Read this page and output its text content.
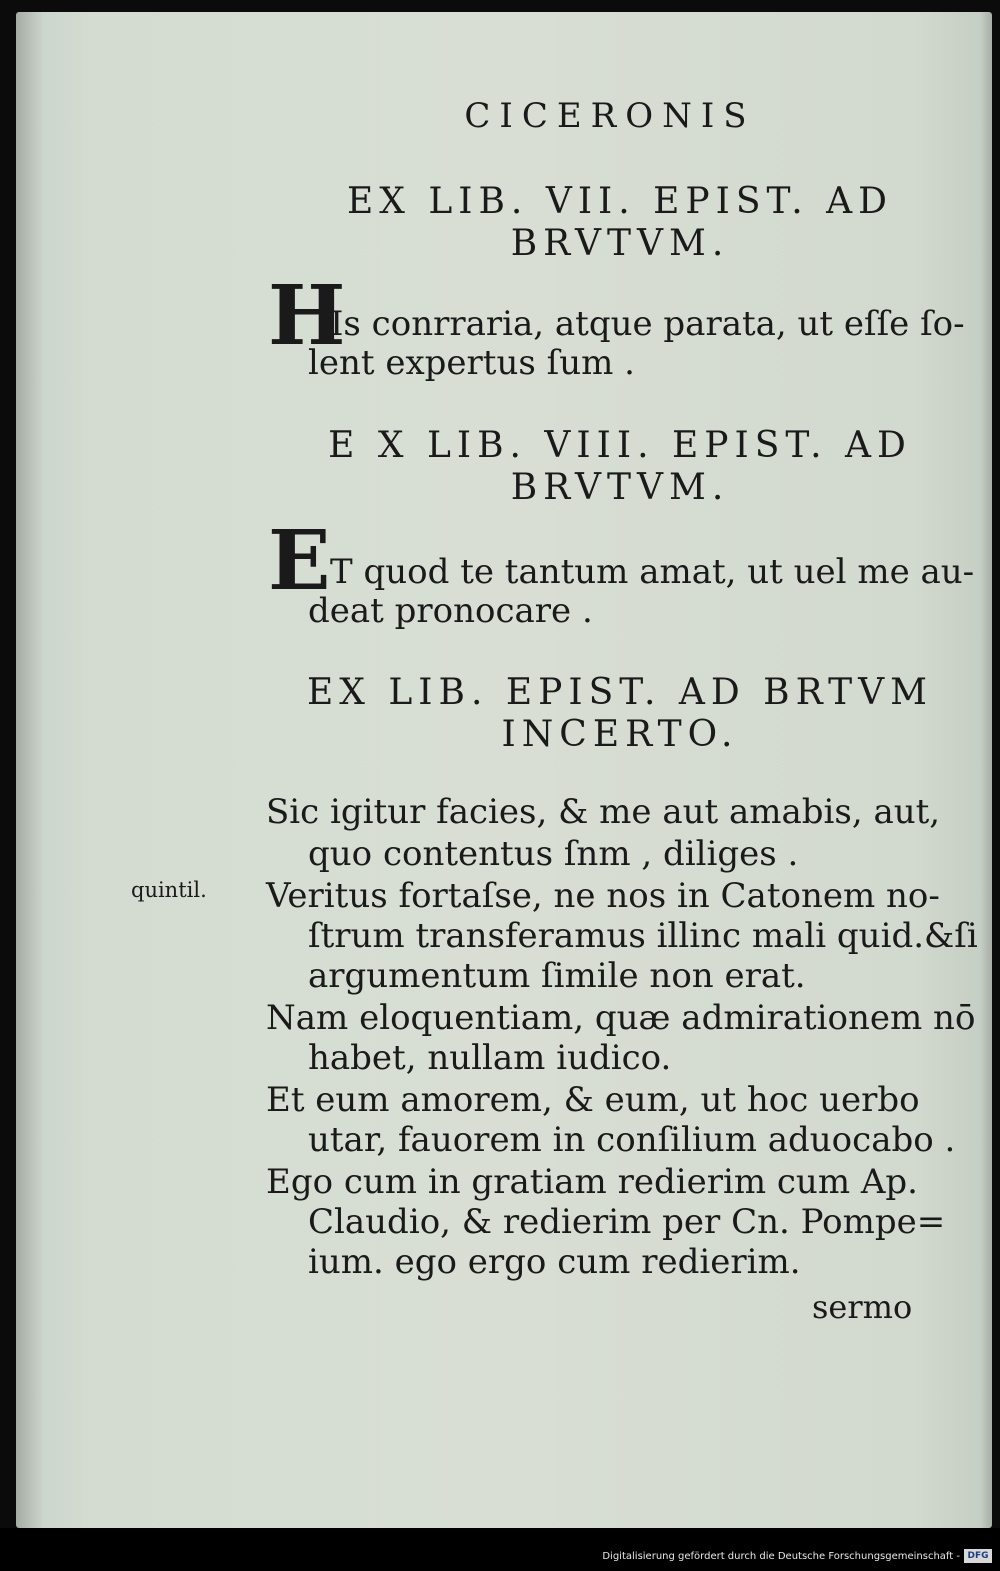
CICERONIS
EX LIB. VII. EPIST. AD
BRVTVM.
H
Is conrraria, atque parata, ut eſſe ſo-
lent expertus ſum .
E X LIB. VIII. EPIST. AD
BRVTVM.
E T quod te tantum amat, ut uel me au-
deat pronocare .
EX LIB. EPIST. AD BRTVM
INCERTO.
quintil.
Sic igitur facies, & me aut amabis, aut,
quo contentus ſnm , diliges .
Veritus fortaſse, ne nos in Catonem no-
ſtrum transferamus illinc mali quid.&ſi
argumentum ſimile non erat.
Nam eloquentiam, quæ admirationem nō
habet, nullam iudico.
Et eum amorem, & eum, ut hoc uerbo
utar, fauorem in conſilium aduocabo .
Ego cum in gratiam redierim cum Ap.
Claudio, & redierim per Cn. Pompe=
ium. ego ergo cum redierim.
sermo
Digitalisierung gefördert durch die Deutsche Forschungsgemeinschaft - DFG
